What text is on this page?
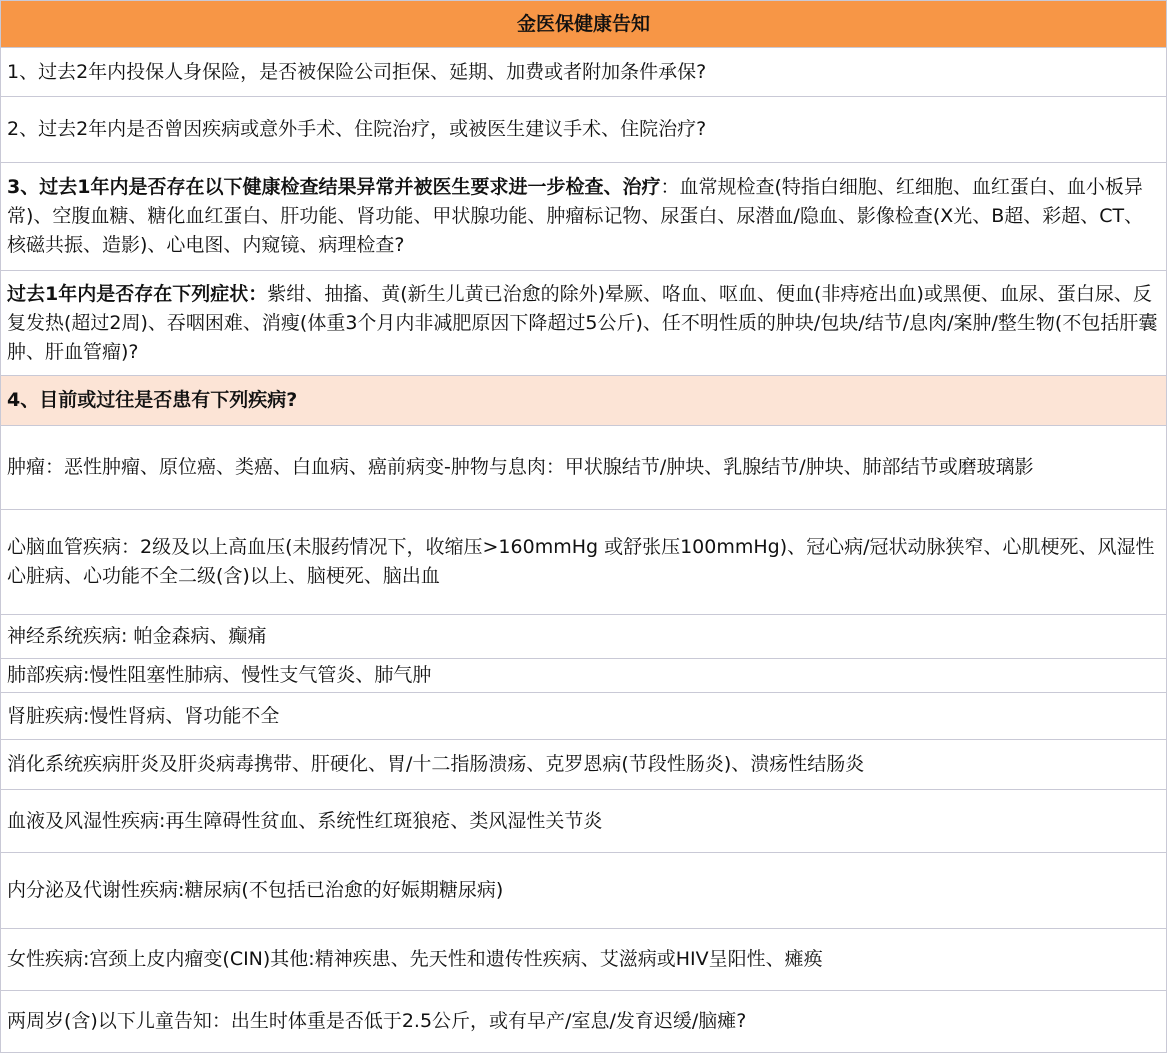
金医保健康告知
1、过去2年内投保人身保险，是否被保险公司拒保、延期、加费或者附加条件承保?
2、过去2年内是否曾因疾病或意外手术、住院治疗，或被医生建议手术、住院治疗?
3、过去1年内是否存在以下健康检查结果异常并被医生要求进一步检查、治疗：血常规检查(特指白细胞、红细胞、血红蛋白、血小板异常)、空腹血糖、糖化血红蛋白、肝功能、肾功能、甲状腺功能、肿瘤标记物、尿蛋白、尿潜血/隐血、影像检查(X光、B超、彩超、CT、核磁共振、造影)、心电图、内窥镜、病理检查?
过去1年内是否存在下列症状：紫绀、抽搐、黄(新生儿黄已治愈的除外)晕厥、咯血、呕血、便血(非痔疮出血)或黑便、血尿、蛋白尿、反复发热(超过2周)、吞咽困难、消瘦(体重3个月内非减肥原因下降超过5公斤)、任不明性质的肿块/包块/结节/息肉/案肿/整生物(不包括肝囊肿、肝血管瘤)?
4、目前或过往是否患有下列疾病?
肿瘤：恶性肿瘤、原位癌、类癌、白血病、癌前病变-肿物与息肉：甲状腺结节/肿块、乳腺结节/肿块、肺部结节或磨玻璃影
心脑血管疾病：2级及以上高血压(未服药情况下，收缩压>160mmHg 或舒张压100mmHg)、冠心病/冠状动脉狭窄、心肌梗死、风湿性心脏病、心功能不全二级(含)以上、脑梗死、脑出血
神经系统疾病: 帕金森病、癫痛
肺部疾病:慢性阻塞性肺病、慢性支气管炎、肺气肿
肾脏疾病:慢性肾病、肾功能不全
消化系统疾病肝炎及肝炎病毒携带、肝硬化、胃/十二指肠溃疡、克罗恩病(节段性肠炎)、溃疡性结肠炎
血液及风湿性疾病:再生障碍性贫血、系统性红斑狼疮、类风湿性关节炎
内分泌及代谢性疾病:糖尿病(不包括已治愈的好娠期糖尿病)
女性疾病:宫颈上皮内瘤变(CIN)其他:精神疾患、先天性和遗传性疾病、艾滋病或HIV呈阳性、瘫痪
两周岁(含)以下儿童告知：出生时体重是否低于2.5公斤，或有早产/室息/发育迟缓/脑瘫?
